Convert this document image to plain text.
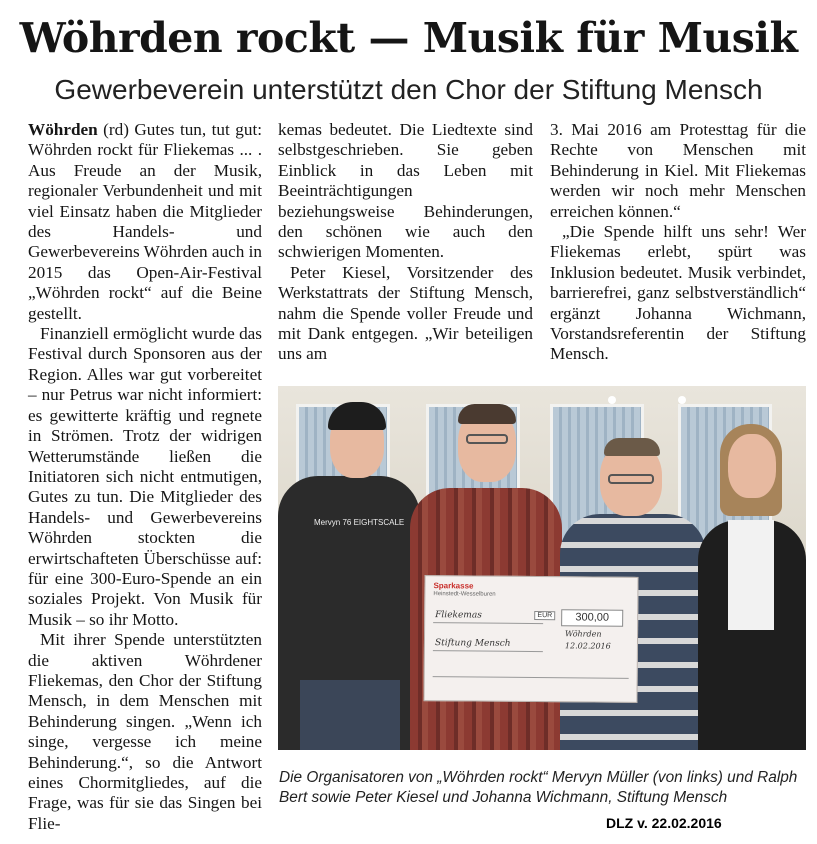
Wöhrden rockt — Musik für Musik
Gewerbeverein unterstützt den Chor der Stiftung Mensch

Wöhrden (rd) Gutes tun, tut gut: Wöhrden rockt für Fliekemas ... . Aus Freude an der Musik, regionaler Verbundenheit und mit viel Einsatz haben die Mitglieder des Handels- und Gewerbevereins Wöhrden auch in 2015 das Open-Air-Festival „Wöhrden rockt“ auf die Beine gestellt.

Finanziell ermöglicht wurde das Festival durch Sponsoren aus der Region. Alles war gut vorbereitet – nur Petrus war nicht informiert: es gewitterte kräftig und regnete in Strömen. Trotz der widrigen Wetterumstände ließen die Initiatoren sich nicht entmutigen, Gutes zu tun. Die Mitglieder des Handels- und Gewerbevereins Wöhrden stockten die erwirtschafteten Überschüsse auf: für eine 300-Euro-Spende an ein soziales Projekt. Von Musik für Musik – so ihr Motto.

Mit ihrer Spende unterstützten die aktiven Wöhrdener Fliekemas, den Chor der Stiftung Mensch, in dem Menschen mit Behinderung singen. „Wenn ich singe, vergesse ich meine Behinderung.“, so die Antwort eines Chormitgliedes, auf die Frage, was für sie das Singen bei Flie-

kemas bedeutet. Die Liedtexte sind selbstgeschrieben. Sie geben Einblick in das Leben mit Beeinträchtigungen beziehungsweise Behinderungen, den schönen wie auch den schwierigen Momenten.

Peter Kiesel, Vorsitzender des Werkstattrats der Stiftung Mensch, nahm die Spende voller Freude und mit Dank entgegen. „Wir beteiligen uns am

3. Mai 2016 am Protesttag für die Rechte von Menschen mit Behinderung in Kiel. Mit Fliekemas werden wir noch mehr Menschen erreichen können.“

„Die Spende hilft uns sehr! Wer Fliekemas erlebt, spürt was Inklusion bedeutet. Musik verbindet, barrierefrei, ganz selbstverständlich“ ergänzt Johanna Wichmann, Vorstandsreferentin der Stiftung Mensch.

Mervyn 76 EIGHTSCALE
Sparkasse
Heinstedt-Wesselburen
EUR	300,00
Fliekemas
Stiftung Mensch
Wöhrden
12.02.2016
Die Organisatoren von „Wöhrden rockt“ Mervyn Müller (von links) und Ralph Bert sowie Peter Kiesel und Johanna Wichmann, Stiftung Mensch
DLZ v. 22.02.2016
